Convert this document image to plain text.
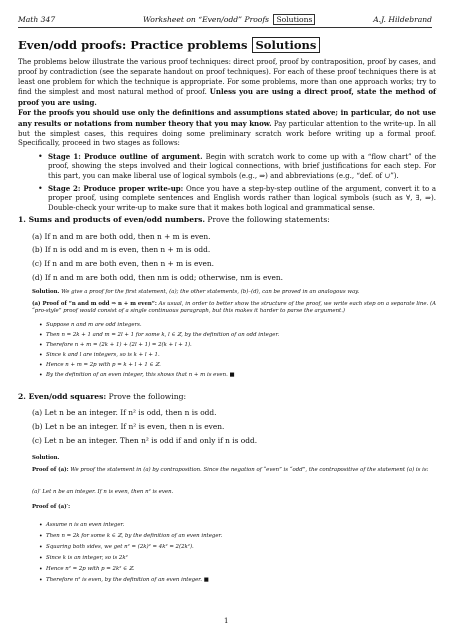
Math 347	Worksheet on “Even/odd” Proofs Solutions	A.J. Hildebrand

Even/odd proofs: Practice problems Solutions
The problems below illustrate the various proof techniques: direct proof, proof by contraposition, proof by cases, and proof by contradiction (see the separate handout on proof techniques). For each of these proof techniques there is at least one problem for which the technique is appropriate. For some problems, more than one approach works; try to find the simplest and most natural method of proof. Unless you are using a direct proof, state the method of proof you are using.
For the proofs you should use only the definitions and assumptions stated above; in particular, do not use any results or notations from number theory that you may know. Pay particular attention to the write-up. In all but the simplest cases, this requires doing some preliminary scratch work before writing up a formal proof. Specifically, proceed in two stages as follows:
• Stage 1: Produce outline of argument. Begin with scratch work to come up with a “flow chart” of the proof, showing the steps involved and their logical connections, with brief justifications for each step. For this part, you can make liberal use of logical symbols (e.g., ⇒) and abbreviations (e.g., “def. of ∪”).
• Stage 2: Produce proper write-up: Once you have a step-by-step outline of the argument, convert it to a proper proof, using complete sentences and English words rather than logical symbols (such as ∀, ∃, ⇒). Double-check your write-up to make sure that it makes both logical and grammatical sense.
1. Sums and products of even/odd numbers. Prove the following statements:
(a) If n and m are both odd, then n + m is even.
(b) If n is odd and m is even, then n + m is odd.
(c) If n and m are both even, then n + m is even.
(d) If n and m are both odd, then nm is odd; otherwise, nm is even.
Solution. We give a proof for the first statement, (a); the other statements, (b)–(d), can be proved in an analogous way.
(a) Proof of “n and m odd ⇒ n + m even”: As usual, in order to better show the structure of the proof, we write each step on a separate line. (A “pro-style” proof would consist of a single continuous paragraph, but this makes it harder to parse the argument.)
• Suppose n and m are odd integers.
• Then n = 2k + 1 and m = 2l + 1 for some k, l ∈ ℤ, by the definition of an odd integer.
• Therefore n + m = (2k + 1) + (2l + 1) = 2(k + l + 1).
• Since k and l are integers, so is k + l + 1.
• Hence n + m = 2p with p = k + l + 1 ∈ ℤ.
• By the definition of an even integer, this shows that n + m is even. ■
2. Even/odd squares: Prove the following:
(a) Let n be an integer. If n² is odd, then n is odd.
(b) Let n be an integer. If n² is even, then n is even.
(c) Let n be an integer. Then n² is odd if and only if n is odd.
Solution.
Proof of (a): We proof the statement in (a) by contraposition. Since the negation of “even” is “odd”, the contrapositive of the statement (a) is is:
(a)′ Let n be an integer. If n is even, then n² is even.
Proof of (a)′:
• Assume n is an even integer.
• Then n = 2k for some k ∈ ℤ, by the definition of an even integer.
• Squaring both sides, we get n² = (2k)² = 4k² = 2(2k²).
• Since k is an integer, so is 2k²
• Hence n² = 2p with p = 2k² ∈ ℤ.
• Therefore n² is even, by the definition of an even integer. ■
1
